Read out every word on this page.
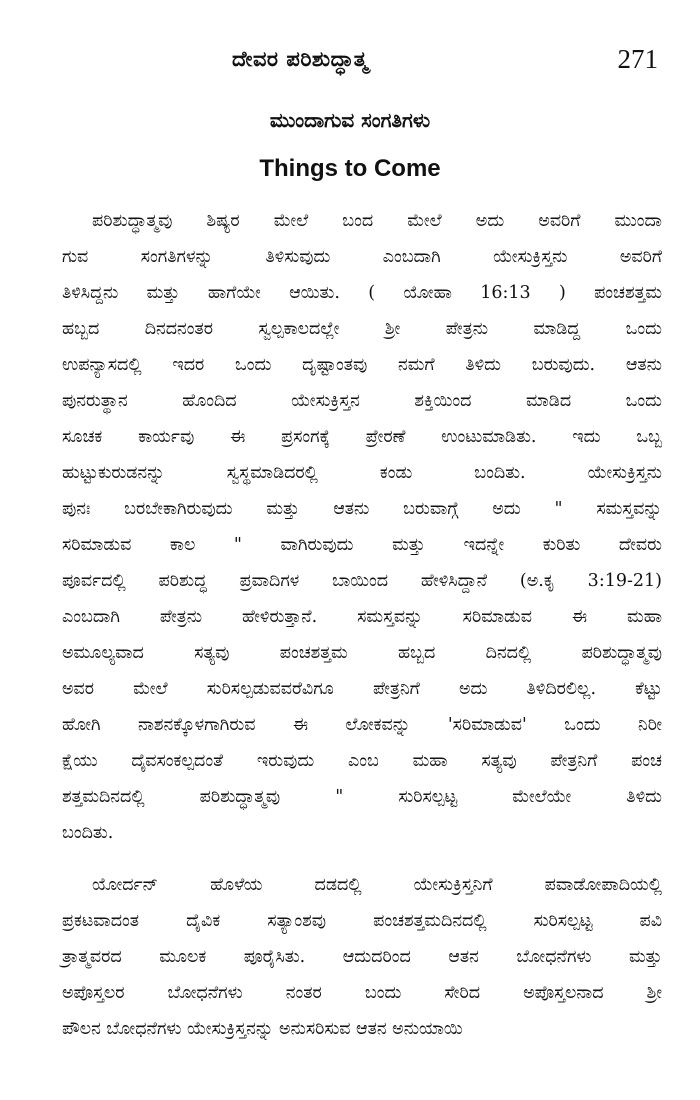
ದೇವರ ಪರಿಶುದ್ಧಾತ್ಮ	271
ಮುಂದಾಗುವ ಸಂಗತಿಗಳು
Things to Come
ಪರಿಶುದ್ಧಾತ್ಮವು ಶಿಷ್ಯರ ಮೇಲೆ ಬಂದ ಮೇಲೆ ಅದು ಅವರಿಗೆ ಮುಂದಾ
ಗುವ ಸಂಗತಿಗಳನ್ನು ತಿಳಿಸುವುದು ಎಂಬದಾಗಿ ಯೇಸುಕ್ರಿಸ್ತನು ಅವರಿಗೆ
ತಿಳಿಸಿದ್ದನು ಮತ್ತು ಹಾಗೆಯೇ ಆಯಿತು. ( ಯೋಹಾ 16:13 ) ಪಂಚಶತ್ತಮ
ಹಬ್ಬದ ದಿನದನಂತರ ಸ್ವಲ್ಪಕಾಲದಲ್ಲೇ ಶ್ರೀ ಪೇತ್ರನು ಮಾಡಿದ್ದ ಒಂದು
ಉಪನ್ಯಾಸದಲ್ಲಿ ಇದರ ಒಂದು ದೃಷ್ಟಾಂತವು ನಮಗೆ ತಿಳಿದು ಬರುವುದು. ಆತನು
ಪುನರುತ್ಥಾನ ಹೊಂದಿದ ಯೇಸುಕ್ರಿಸ್ತನ ಶಕ್ತಿಯಿಂದ ಮಾಡಿದ ಒಂದು
ಸೂಚಕ ಕಾರ್ಯವು ಈ ಪ್ರಸಂಗಕ್ಕೆ ಪ್ರೇರಣೆ ಉಂಟುಮಾಡಿತು. ಇದು ಒಬ್ಬ
ಹುಟ್ಟುಕುರುಡನನ್ನು ಸ್ವಸ್ಥಮಾಡಿದರಲ್ಲಿ ಕಂಡು ಬಂದಿತು. ಯೇಸುಕ್ರಿಸ್ತನು
ಪುನಃ ಬರಬೇಕಾಗಿರುವುದು ಮತ್ತು ಆತನು ಬರುವಾಗ್ಗೆ ಅದು " ಸಮಸ್ತವನ್ನು
ಸರಿಮಾಡುವ ಕಾಲ " ವಾಗಿರುವುದು ಮತ್ತು ಇದನ್ನೇ ಕುರಿತು ದೇವರು
ಪೂರ್ವದಲ್ಲಿ ಪರಿಶುದ್ಧ ಪ್ರವಾದಿಗಳ ಬಾಯಿಂದ ಹೇಳಿಸಿದ್ದಾನೆ (ಅ.ಕೃ 3:19-21)
ಎಂಬದಾಗಿ ಪೇತ್ರನು ಹೇಳಿರುತ್ತಾನೆ. ಸಮಸ್ತವನ್ನು ಸರಿಮಾಡುವ ಈ ಮಹಾ
ಅಮೂಲ್ಯವಾದ ಸತ್ಯವು ಪಂಚಶತ್ತಮ ಹಬ್ಬದ ದಿನದಲ್ಲಿ ಪರಿಶುದ್ಧಾತ್ಮವು
ಅವರ ಮೇಲೆ ಸುರಿಸಲ್ಪಡುವವರೆವಿಗೂ ಪೇತ್ರನಿಗೆ ಅದು ತಿಳಿದಿರಲಿಲ್ಲ. ಕೆಟ್ಟು
ಹೋಗಿ ನಾಶನಕ್ಕೊಳಗಾಗಿರುವ ಈ ಲೋಕವನ್ನು 'ಸರಿಮಾಡುವ' ಒಂದು ನಿರೀ
ಕ್ಷೆಯು ದೈವಸಂಕಲ್ಪದಂತೆ ಇರುವುದು ಎಂಬ ಮಹಾ ಸತ್ಯವು ಪೇತ್ರನಿಗೆ ಪಂಚ
ಶತ್ತಮದಿನದಲ್ಲಿ ಪರಿಶುದ್ಧಾತ್ಮವು " ಸುರಿಸಲ್ಪಟ್ಟ ಮೇಲೆಯೇ ತಿಳಿದು
ಬಂದಿತು.
ಯೋರ್ದನ್ ಹೊಳೆಯ ದಡದಲ್ಲಿ ಯೇಸುಕ್ರಿಸ್ತನಿಗೆ ಪವಾಡೋಪಾದಿಯಲ್ಲಿ
ಪ್ರಕಟವಾದಂತ ದೈವಿಕ ಸತ್ಯಾಂಶವು ಪಂಚಶತ್ತಮದಿನದಲ್ಲಿ ಸುರಿಸಲ್ಪಟ್ಟ ಪವಿ
ತ್ರಾತ್ಮವರದ ಮೂಲಕ ಪೂರೈಸಿತು. ಆದುದರಿಂದ ಆತನ ಬೋಧನೆಗಳು ಮತ್ತು
ಅಪೊಸ್ತಲರ ಬೋಧನೆಗಳು ನಂತರ ಬಂದು ಸೇರಿದ ಅಪೊಸ್ತಲನಾದ ಶ್ರೀ
ಪೌಲನ ಬೋಧನೆಗಳು ಯೇಸುಕ್ರಿಸ್ತನನ್ನು ಅನುಸರಿಸುವ ಆತನ ಅನುಯಾಯಿ
